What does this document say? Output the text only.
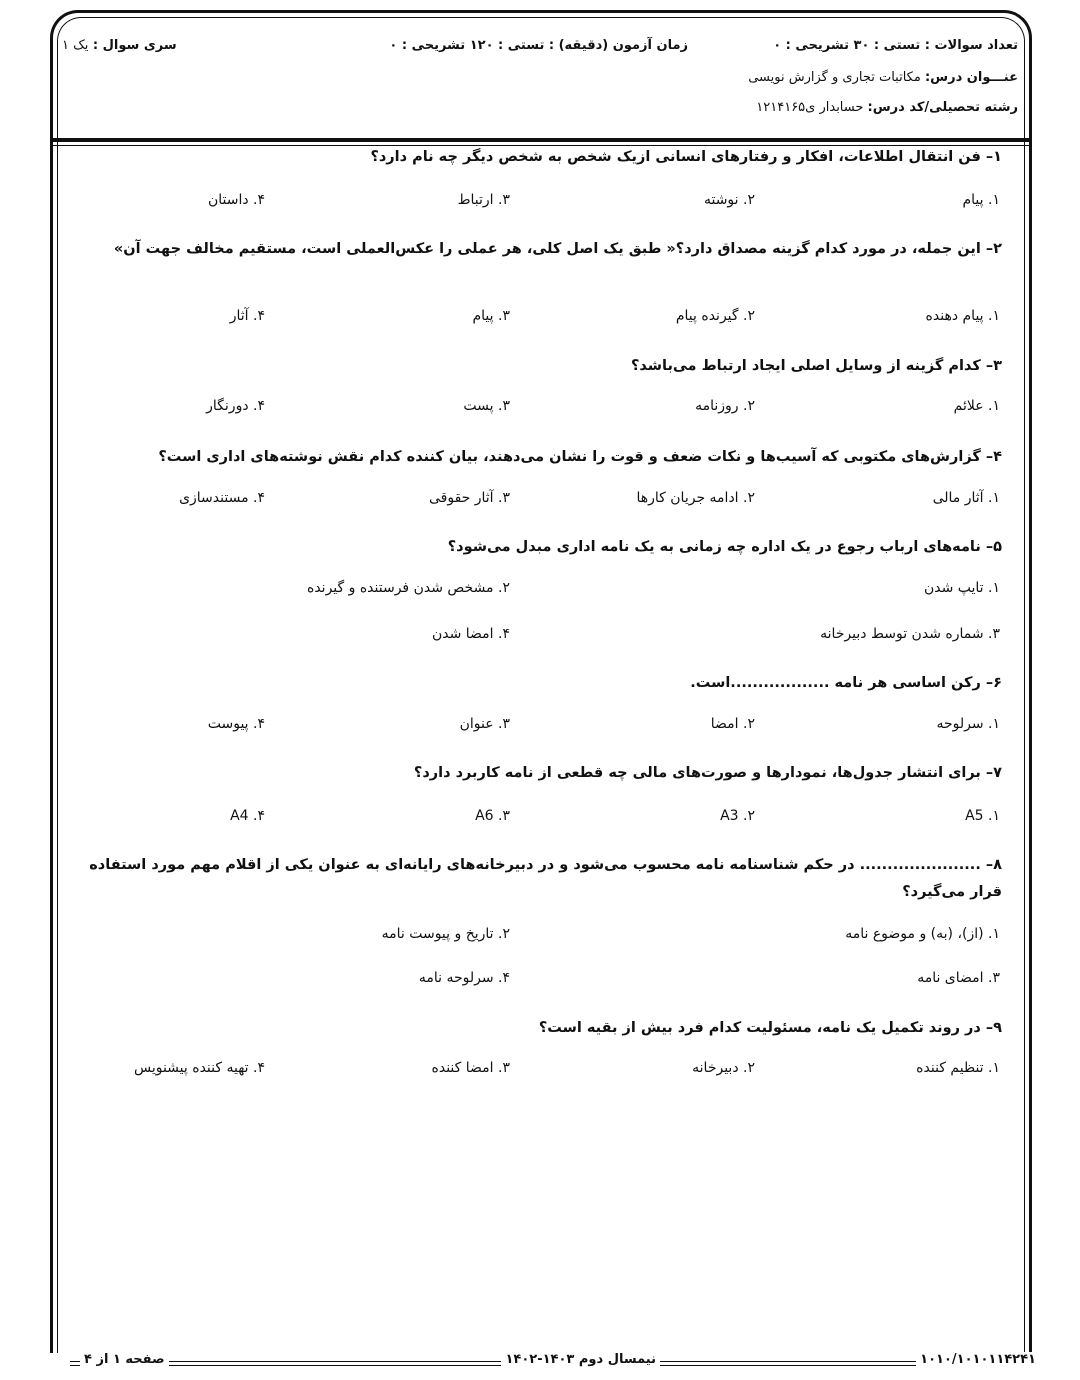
تعداد سوالات : تستی : ۳۰ تشریحی : ۰
زمان آزمون (دقیقه) : تستی : ۱۲۰ تشریحی : ۰
سری سوال : یک ۱
عنـــوان درس: مکاتبات تجاری و گزارش نویسی
رشته تحصیلی/کد درس: حسابدار ی۱۲۱۴۱۶۵
۱– فن انتقال اطلاعات، افکار و رفتارهای انسانی ازیک شخص به شخص دیگر چه نام دارد؟
۱. پیام
۲. نوشته
۳. ارتباط
۴. داستان
۲– این جمله، در مورد کدام گزینه مصداق دارد؟« طبق یک اصل کلی، هر عملی را عکس‌العملی است، مستقیم مخالف جهت آن»
۱. پیام دهنده
۲. گیرنده پیام
۳. پیام
۴. آثار
۳– کدام گزینه از وسایل اصلی ایجاد ارتباط می‌باشد؟
۱. علائم
۲. روزنامه
۳. پست
۴. دورنگار
۴– گزارش‌های مکتوبی که آسیب‌ها و نکات ضعف و قوت را نشان می‌دهند، بیان کننده کدام نقش نوشته‌های اداری است؟
۱. آثار مالی
۲. ادامه جریان کارها
۳. آثار حقوقی
۴. مستندسازی
۵– نامه‌های ارباب رجوع در یک اداره چه زمانی به یک نامه اداری مبدل می‌شود؟
۱. تایپ شدن
۲. مشخص شدن فرستنده و گیرنده
۳. شماره شدن توسط دبیرخانه
۴. امضا شدن
۶– رکن اساسی هر نامه ..................است.
۱. سرلوحه
۲. امضا
۳. عنوان
۴. پیوست
۷– برای انتشار جدول‌ها، نمودارها و صورت‌های مالی چه قطعی از نامه کاربرد دارد؟
۱. A5
۲. A3
۳. A6
۴. A4
۸– ...................... در حکم شناسنامه نامه محسوب می‌شود و در دبیرخانه‌های رایانه‌ای به عنوان یکی از اقلام مهم مورد استفاده قرار می‌گیرد؟
۱. (از)، (به) و موضوع نامه
۲. تاریخ و پیوست نامه
۳. امضای نامه
۴. سرلوحه نامه
۹– در روند تکمیل یک نامه، مسئولیت کدام فرد بیش از بقیه است؟
۱. تنظیم کننده
۲. دبیرخانه
۳. امضا کننده
۴. تهیه کننده پیشنویس
۱۰۱۰/۱۰۱۰۱۱۴۲۴۱
نیمسال دوم ۱۴۰۳-۱۴۰۲
صفحه ۱ از ۴
